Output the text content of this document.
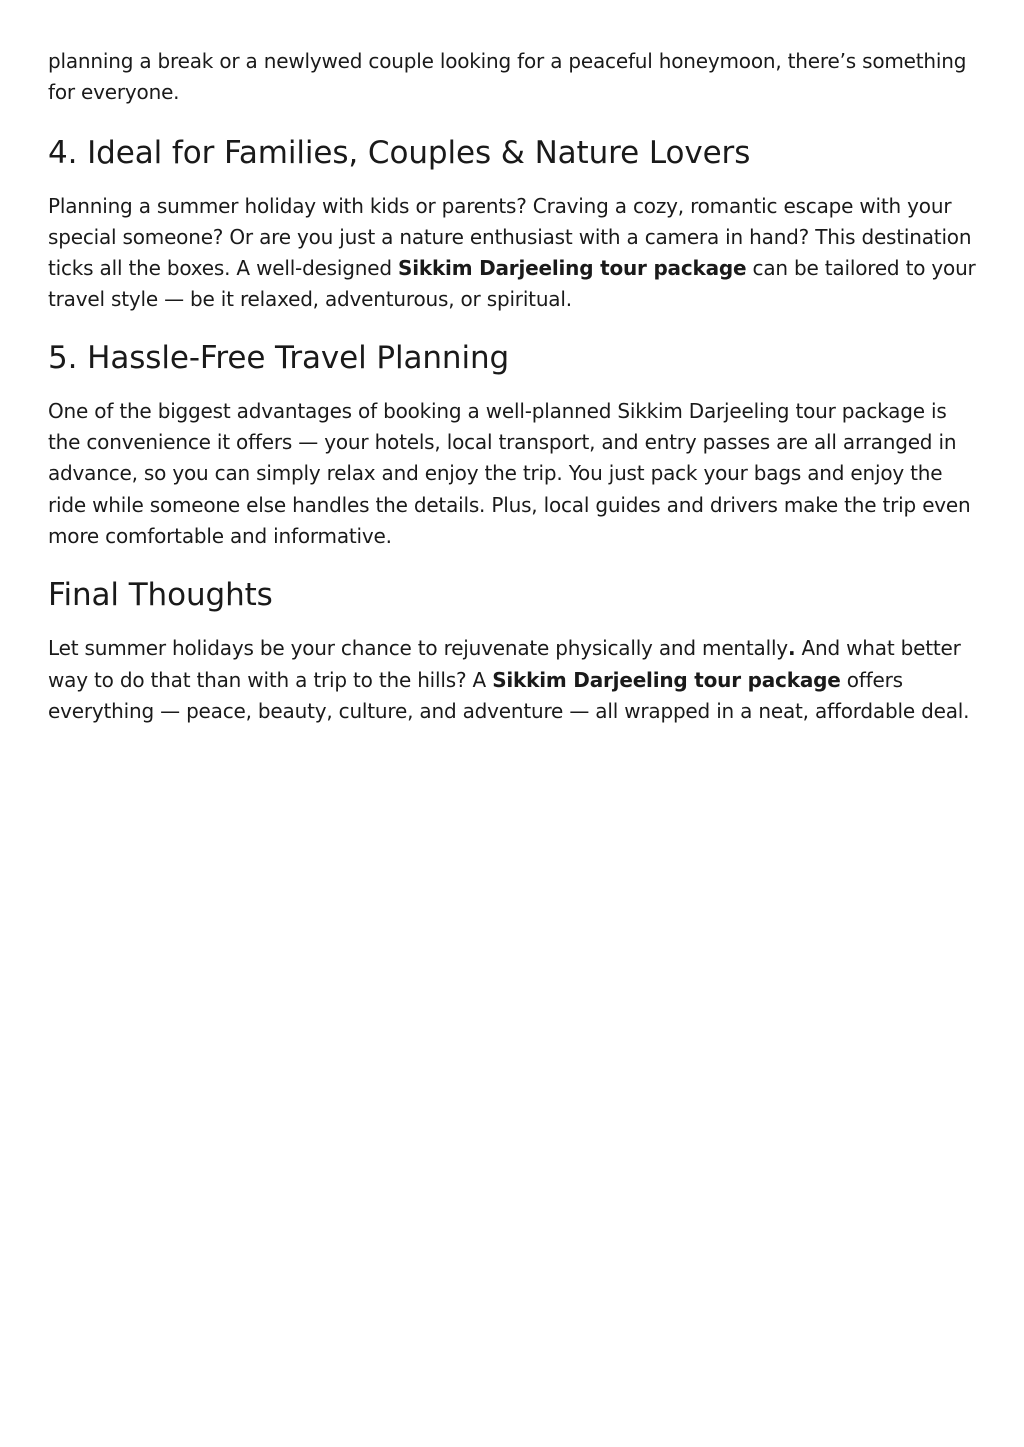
planning a break or a newlywed couple looking for a peaceful honeymoon, there’s something for everyone.

4. Ideal for Families, Couples & Nature Lovers

Planning a summer holiday with kids or parents? Craving a cozy, romantic escape with your special someone? Or are you just a nature enthusiast with a camera in hand? This destination ticks all the boxes. A well-designed Sikkim Darjeeling tour package can be tailored to your travel style — be it relaxed, adventurous, or spiritual.

5. Hassle-Free Travel Planning

One of the biggest advantages of booking a well-planned Sikkim Darjeeling tour package is the convenience it offers — your hotels, local transport, and entry passes are all arranged in advance, so you can simply relax and enjoy the trip. You just pack your bags and enjoy the ride while someone else handles the details. Plus, local guides and drivers make the trip even more comfortable and informative.

Final Thoughts

Let summer holidays be your chance to rejuvenate physically and mentally. And what better way to do that than with a trip to the hills? A Sikkim Darjeeling tour package offers everything — peace, beauty, culture, and adventure — all wrapped in a neat, affordable deal.
